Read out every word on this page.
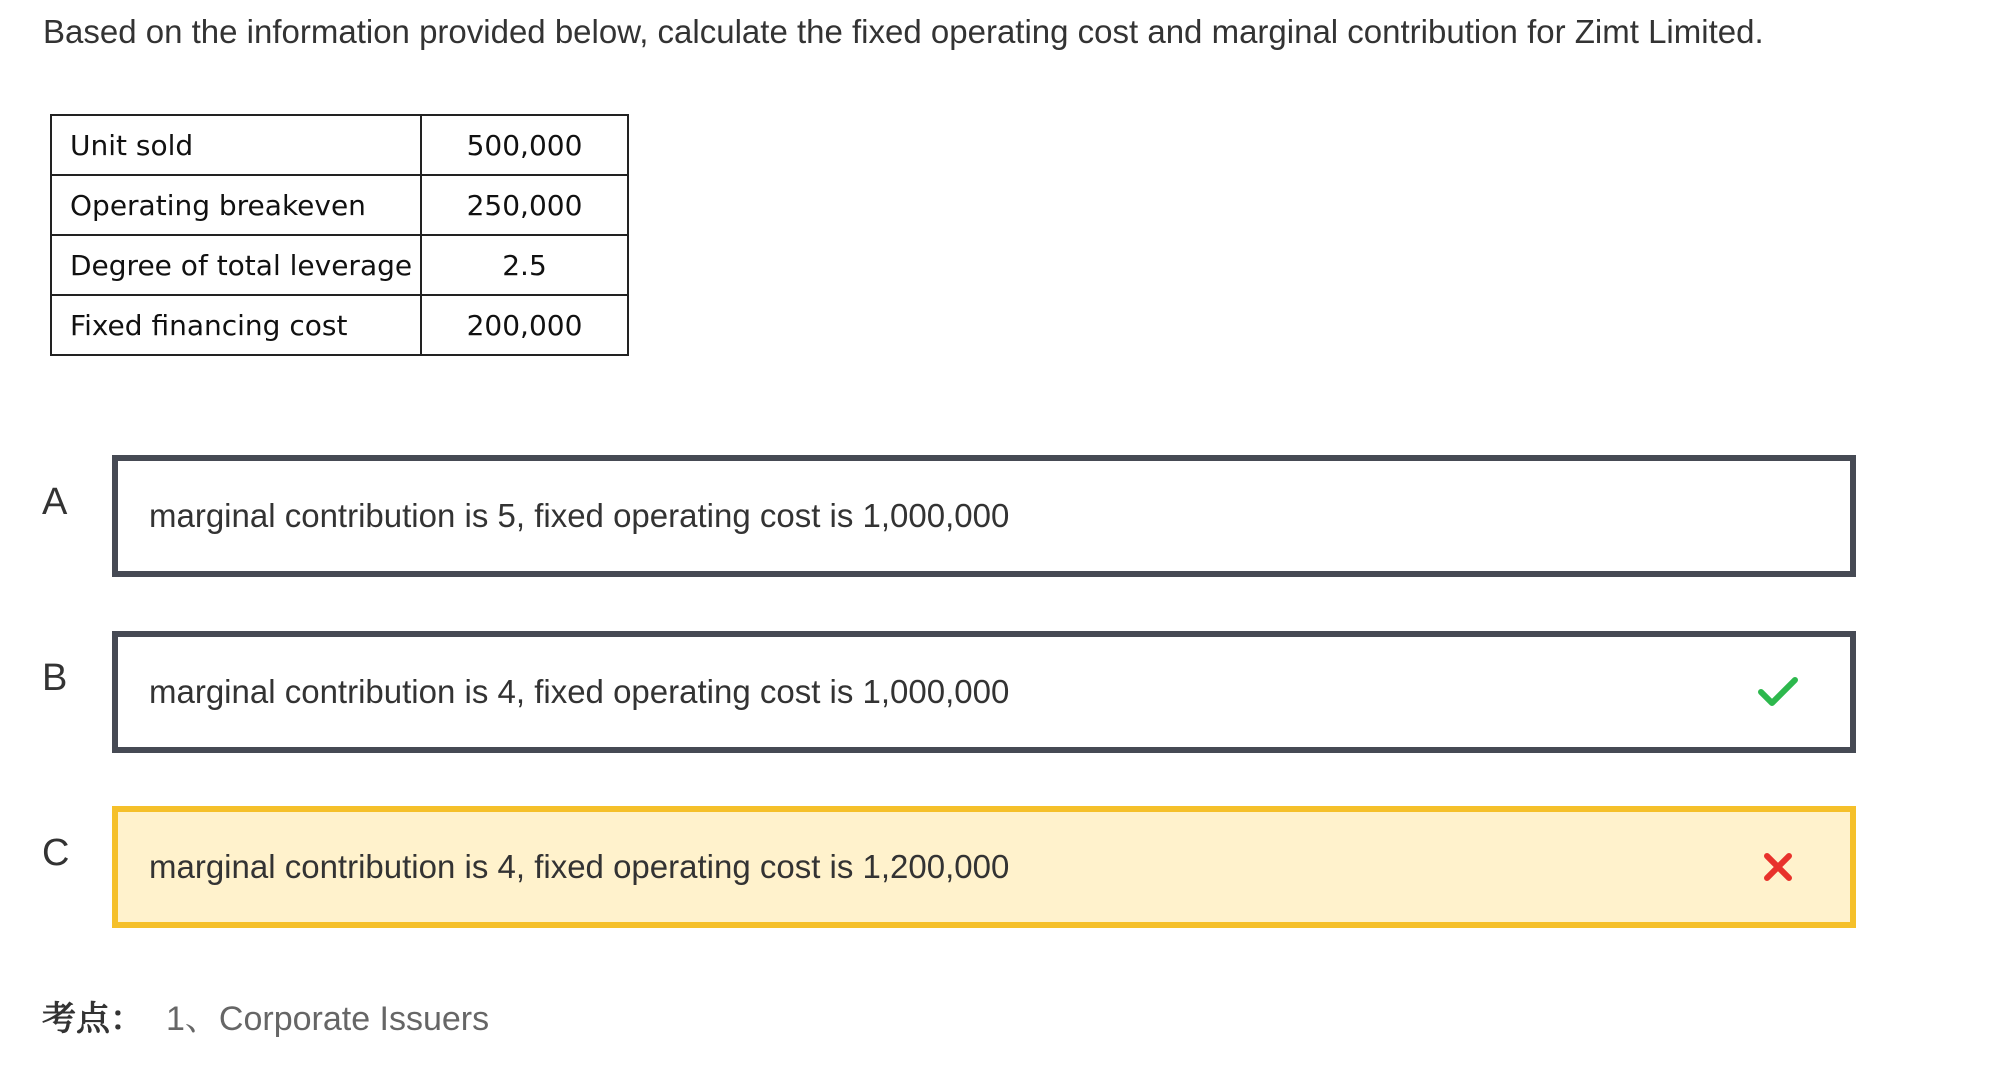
Based on the information provided below, calculate the fixed operating cost and marginal contribution for Zimt Limited.

Unit sold	500,000
Operating breakeven	250,000
Degree of total leverage	2.5
Fixed financing cost	200,000
A marginal contribution is 5, fixed operating cost is 1,000,000
B marginal contribution is 4, fixed operating cost is 1,000,000
C marginal contribution is 4, fixed operating cost is 1,200,000
考点： 1、Corporate Issuers
